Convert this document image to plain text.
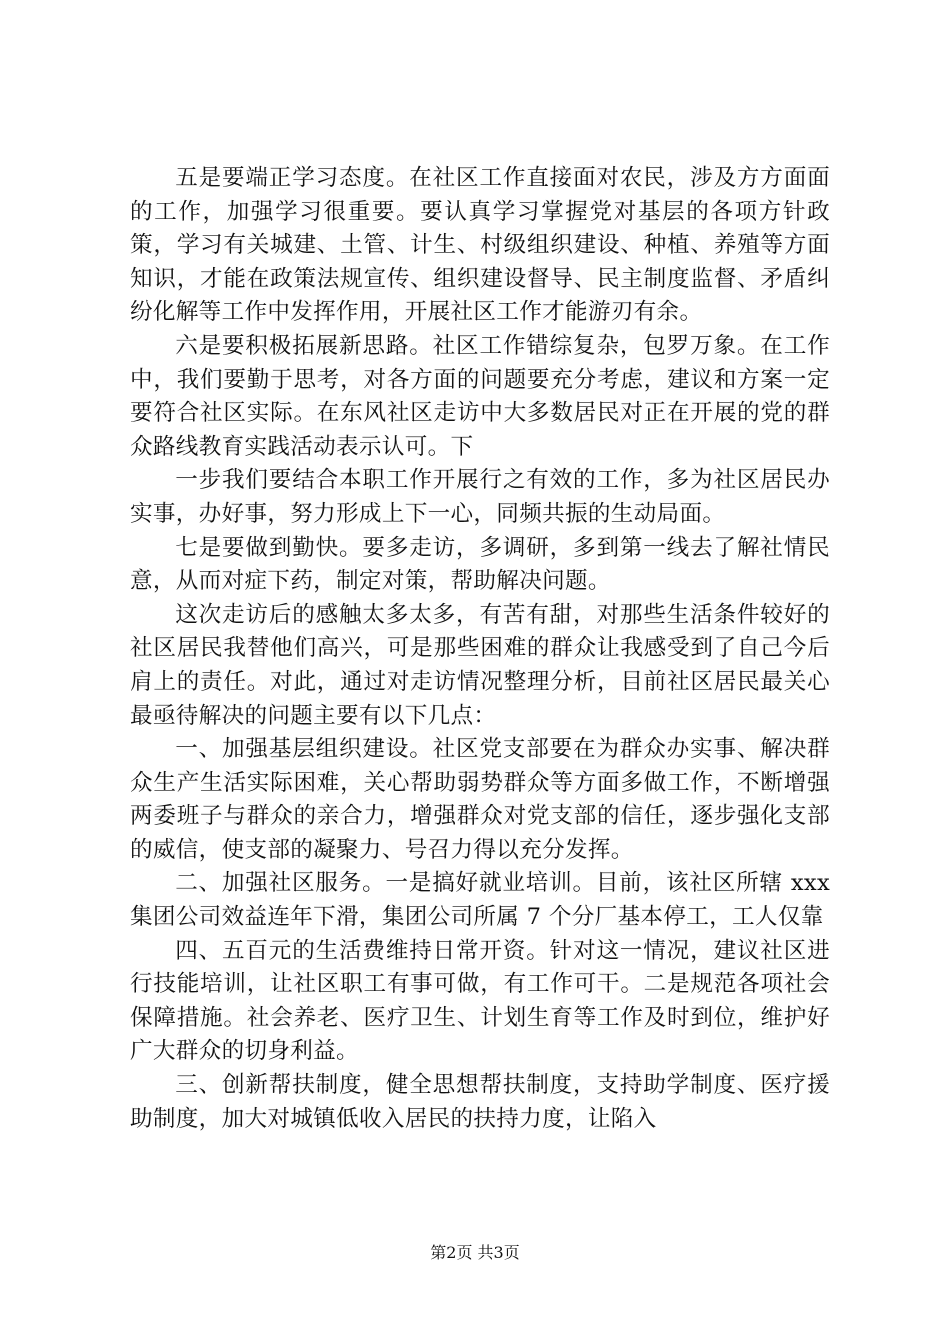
五是要端正学习态度。在社区工作直接面对农民，涉及方方面面的工作，加强学习很重要。要认真学习掌握党对基层的各项方针政策，学习有关城建、土管、计生、村级组织建设、种植、养殖等方面知识，才能在政策法规宣传、组织建设督导、民主制度监督、矛盾纠纷化解等工作中发挥作用，开展社区工作才能游刃有余。

六是要积极拓展新思路。社区工作错综复杂，包罗万象。在工作中，我们要勤于思考，对各方面的问题要充分考虑，建议和方案一定要符合社区实际。在东风社区走访中大多数居民对正在开展的党的群众路线教育实践活动表示认可。下

一步我们要结合本职工作开展行之有效的工作，多为社区居民办实事，办好事，努力形成上下一心，同频共振的生动局面。

七是要做到勤快。要多走访，多调研，多到第一线去了解社情民意，从而对症下药，制定对策，帮助解决问题。

这次走访后的感触太多太多，有苦有甜，对那些生活条件较好的社区居民我替他们高兴，可是那些困难的群众让我感受到了自己今后肩上的责任。对此，通过对走访情况整理分析，目前社区居民最关心最亟待解决的问题主要有以下几点：

一、加强基层组织建设。社区党支部要在为群众办实事、解决群众生产生活实际困难，关心帮助弱势群众等方面多做工作，不断增强两委班子与群众的亲合力，增强群众对党支部的信任，逐步强化支部的威信，使支部的凝聚力、号召力得以充分发挥。

二、加强社区服务。一是搞好就业培训。目前，该社区所辖 xxx 集团公司效益连年下滑，集团公司所属 7 个分厂基本停工，工人仅靠

四、五百元的生活费维持日常开资。针对这一情况，建议社区进行技能培训，让社区职工有事可做，有工作可干。二是规范各项社会保障措施。社会养老、医疗卫生、计划生育等工作及时到位，维护好广大群众的切身利益。

三、创新帮扶制度，健全思想帮扶制度，支持助学制度、医疗援助制度，加大对城镇低收入居民的扶持力度，让陷入

第2页 共3页
